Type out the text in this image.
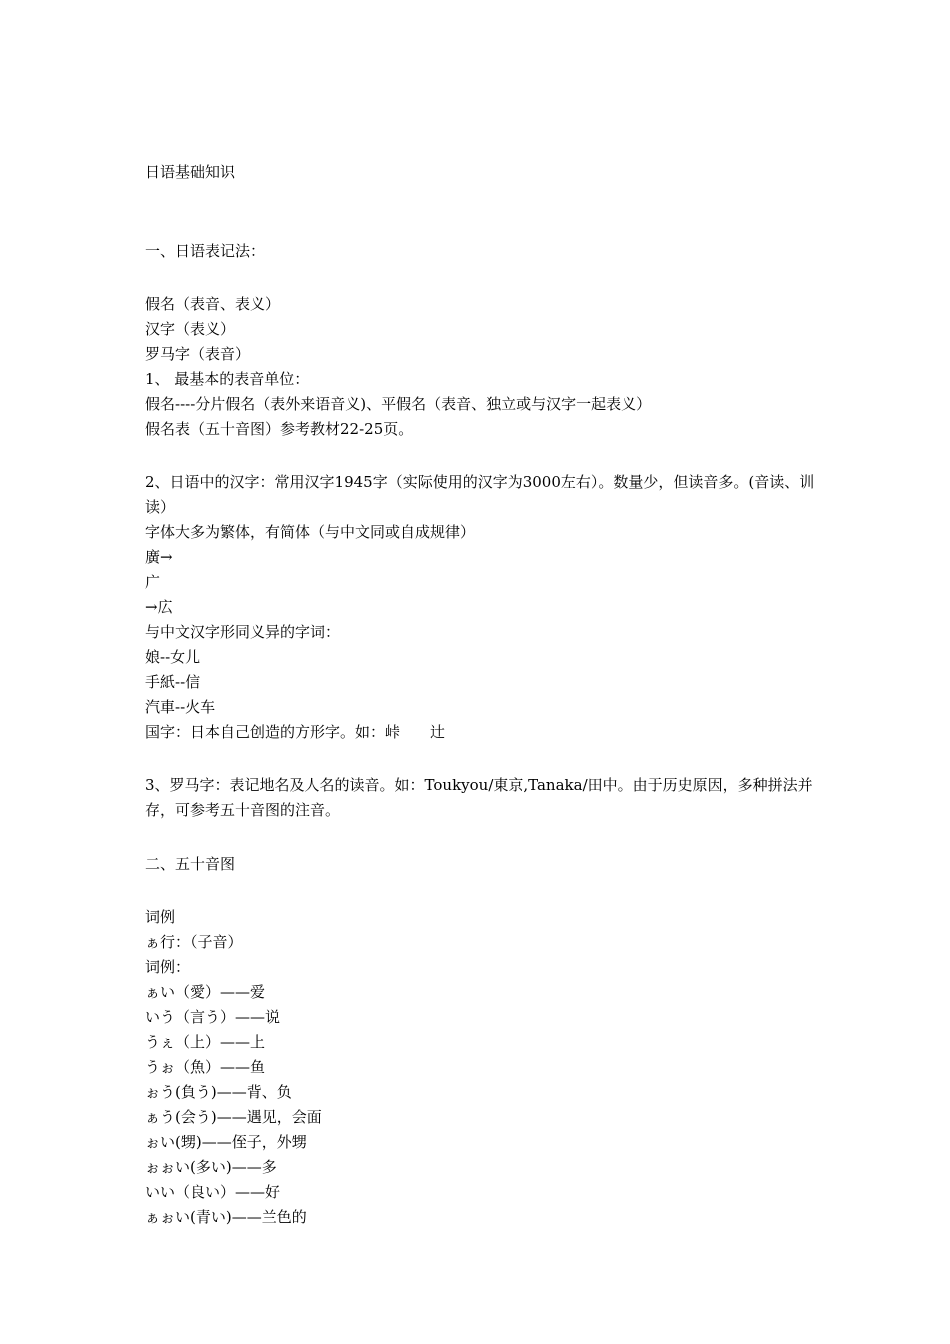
日语基础知识
一、日语表记法：
假名（表音、表义）
汉字（表义）
罗马字（表音）
1、 最基本的表音单位：
假名----分片假名（表外来语音义)、平假名（表音、独立或与汉字一起表义）
假名表（五十音图）参考教材22-25页。
2、日语中的汉字：常用汉字1945字（实际使用的汉字为3000左右）。数量少，但读音多。(音读、训读）
字体大多为繁体，有简体（与中文同或自成规律）
廣→
广
→広
与中文汉字形同义异的字词：
娘--女儿
手紙--信
汽車--火车
国字：日本自己创造的方形字。如：峠　　辻
3、罗马字：表记地名及人名的读音。如：Toukyou/東京,Tanaka/田中。由于历史原因，多种拼法并存，可参考五十音图的注音。
二、五十音图
词例
ぁ行：（子音）
词例：
ぁい（愛）——爱
いう（言う）——说
うぇ（上）——上
うぉ（魚）——鱼
ぉう(負う)——背、负
ぁう(会う)——遇见，会面
ぉい(甥)——侄子，外甥
ぉぉい(多い)——多
いい（良い）——好
ぁぉい(青い)——兰色的
